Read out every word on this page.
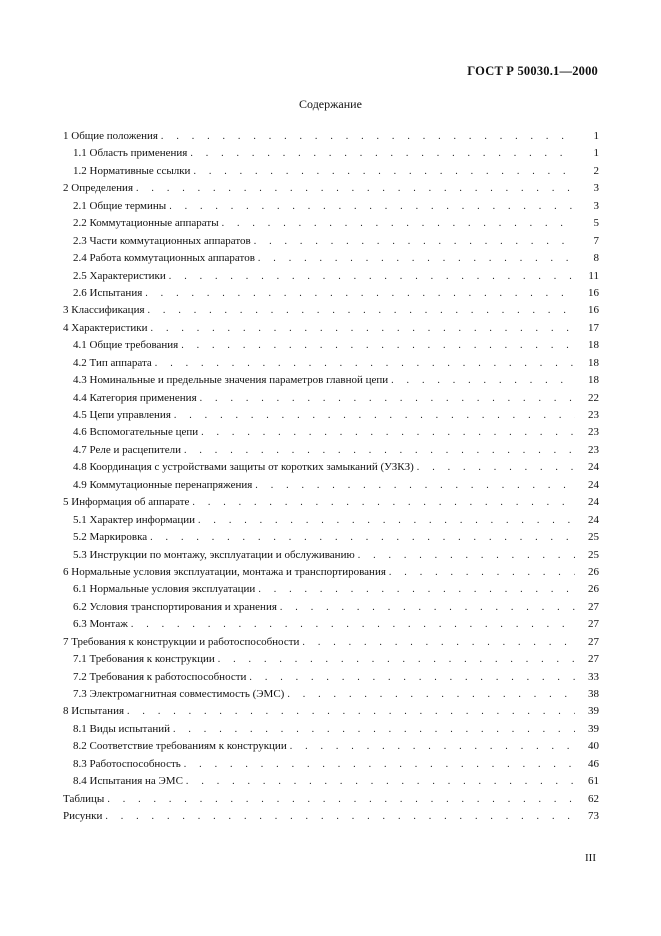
ГОСТ Р 50030.1—2000
Содержание
1 Общие положения . . .	1
1.1 Область применения . . .	1
1.2 Нормативные ссылки . . .	2
2 Определения . . .	3
2.1 Общие термины . . .	3
2.2 Коммутационные аппараты . . .	5
2.3 Части коммутационных аппаратов . . .	7
2.4 Работа коммутационных аппаратов . . .	8
2.5 Характеристики . . .	11
2.6 Испытания . . .	16
3 Классификация . . .	16
4 Характеристики . . .	17
4.1 Общие требования . . .	18
4.2 Тип аппарата . . .	18
4.3 Номинальные и предельные значения параметров главной цепи . . .	18
4.4 Категория применения . . .	22
4.5 Цепи управления . . .	23
4.6 Вспомогательные цепи . . .	23
4.7 Реле и расцепители . . .	23
4.8 Координация с устройствами защиты от коротких замыканий (УЗКЗ) . . .	24
4.9 Коммутационные перенапряжения . . .	24
5 Информация об аппарате . . .	24
5.1 Характер информации . . .	24
5.2 Маркировка . . .	25
5.3 Инструкции по монтажу, эксплуатации и обслуживанию . . .	25
6 Нормальные условия эксплуатации, монтажа и транспортирования . . .	26
6.1 Нормальные условия эксплуатации . . .	26
6.2 Условия транспортирования и хранения . . .	27
6.3 Монтаж . . .	27
7 Требования к конструкции и работоспособности . . .	27
7.1 Требования к конструкции . . .	27
7.2 Требования к работоспособности . . .	33
7.3 Электромагнитная совместимость (ЭМС) . . .	38
8 Испытания . . .	39
8.1 Виды испытаний . . .	39
8.2 Соответствие требованиям к конструкции . . .	40
8.3 Работоспособность . . .	46
8.4 Испытания на ЭМС . . .	61
Таблицы . . .	62
Рисунки . . .	73
III
